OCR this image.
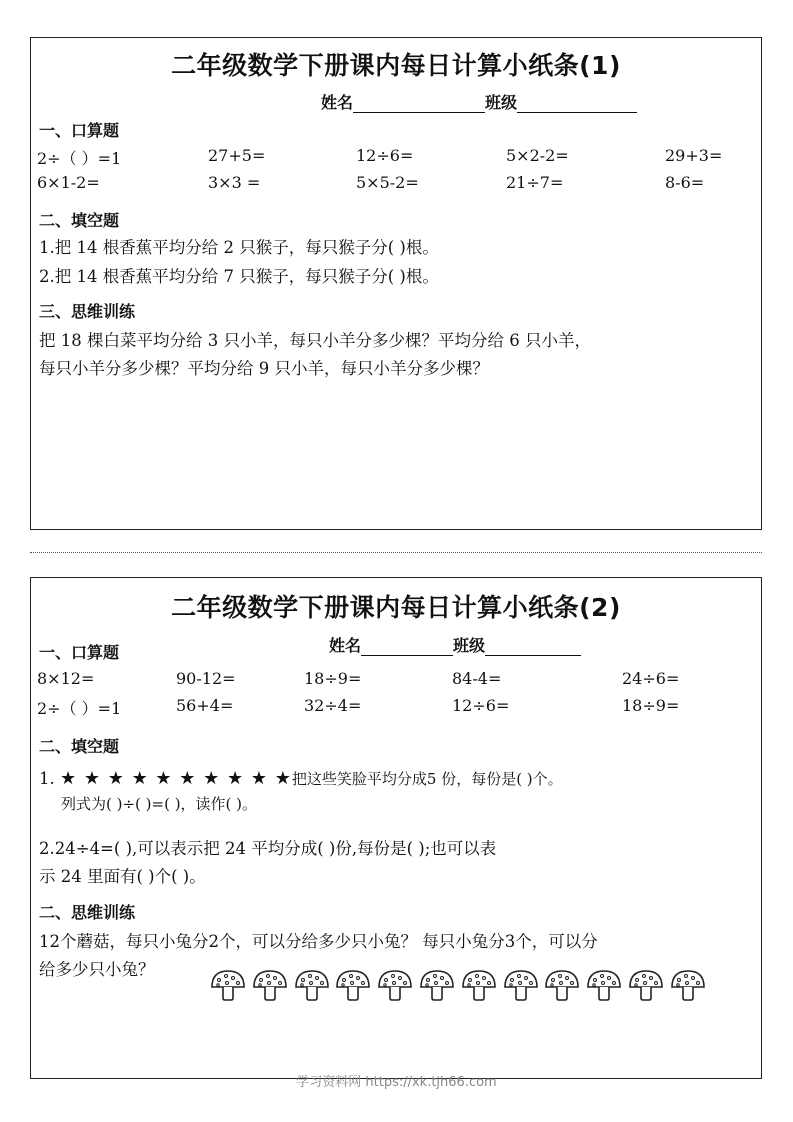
二年级数学下册课内每日计算小纸条(1)
姓名	班级
一、口算题
2÷（ ）=1	27+5=	12÷6=	5×2-2=	29+3=
6×1-2=	3×3 =	5×5-2=	21÷7=	8-6=
二、填空题
1.把 14 根香蕉平均分给 2 只猴子，每只猴子分( )根。
2.把 14 根香蕉平均分给 7 只猴子，每只猴子分( )根。
三、思维训练
把 18 棵白菜平均分给 3 只小羊，每只小羊分多少棵？平均分给 6 只小羊，
每只小羊分多少棵？平均分给 9 只小羊，每只小羊分多少棵？
二年级数学下册课内每日计算小纸条(2)
姓名	班级
一、口算题
8×12=	90-12=	18÷9=	84-4=	24÷6=
2÷（ ）=1	56+4=	32÷4=	12÷6=	18÷9=
二、填空题
1. ★ ★ ★ ★ ★ ★ ★ ★ ★ ★把这些笑脸平均分成5 份，每份是( )个。
列式为( )÷( )=( )，读作( )。
2.24÷4=( ),可以表示把 24 平均分成( )份,每份是( );也可以表
示 24 里面有( )个( )。
二、思维训练
12个蘑菇，每只小兔分2个，可以分给多少只小兔？ 每只小兔分3个，可以分
给多少只小兔？
学习资料网 https://xk.tjh66.com
